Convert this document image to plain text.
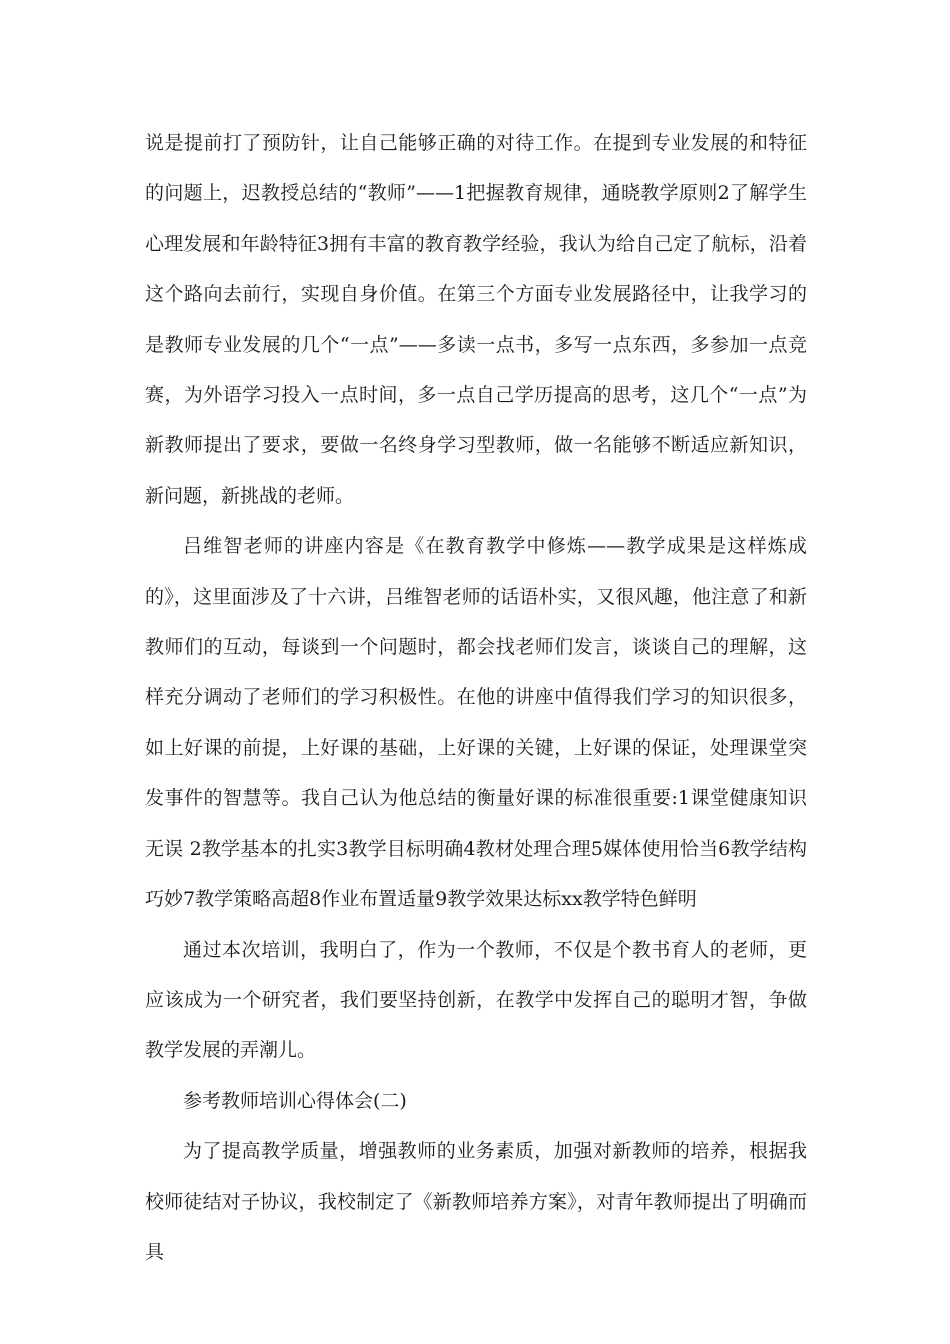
说是提前打了预防针，让自己能够正确的对待工作。在提到专业发展的和特征的问题上，迟教授总结的“教师”——1把握教育规律，通晓教学原则2了解学生心理发展和年龄特征3拥有丰富的教育教学经验，我认为给自己定了航标，沿着这个路向去前行，实现自身价值。在第三个方面专业发展路径中，让我学习的是教师专业发展的几个“一点”——多读一点书，多写一点东西，多参加一点竞赛，为外语学习投入一点时间，多一点自己学历提高的思考，这几个“一点”为新教师提出了要求，要做一名终身学习型教师，做一名能够不断适应新知识，新问题，新挑战的老师。

吕维智老师的讲座内容是《在教育教学中修炼——教学成果是这样炼成的》，这里面涉及了十六讲，吕维智老师的话语朴实，又很风趣，他注意了和新教师们的互动，每谈到一个问题时，都会找老师们发言，谈谈自己的理解，这样充分调动了老师们的学习积极性。在他的讲座中值得我们学习的知识很多，如上好课的前提，上好课的基础，上好课的关键，上好课的保证，处理课堂突发事件的智慧等。我自己认为他总结的衡量好课的标准很重要:1课堂健康知识无误 2教学基本的扎实3教学目标明确4教材处理合理5媒体使用恰当6教学结构巧妙7教学策略高超8作业布置适量9教学效果达标xx教学特色鲜明

通过本次培训，我明白了，作为一个教师，不仅是个教书育人的老师，更应该成为一个研究者，我们要坚持创新，在教学中发挥自己的聪明才智，争做教学发展的弄潮儿。

参考教师培训心得体会(二)

为了提高教学质量，增强教师的业务素质，加强对新教师的培养，根据我校师徒结对子协议，我校制定了《新教师培养方案》，对青年教师提出了明确而具
